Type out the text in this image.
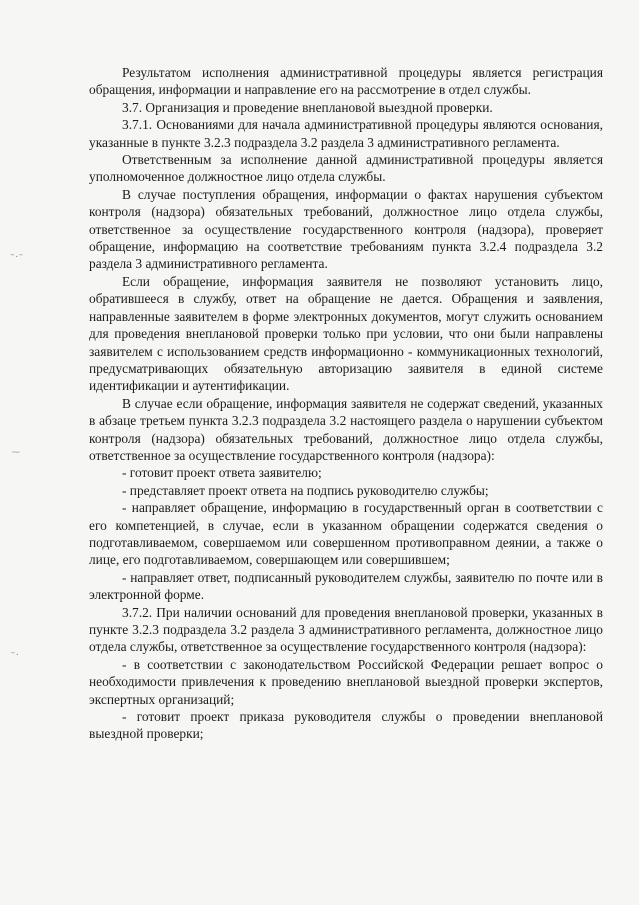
-.-
~
-.

Результатом исполнения административной процедуры является регистрация обращения, информации и направление его на рассмотрение в отдел службы.

3.7. Организация и проведение внеплановой выездной проверки.

3.7.1. Основаниями для начала административной процедуры являются основания, указанные в пункте 3.2.3 подраздела 3.2 раздела 3 административного регламента.

Ответственным за исполнение данной административной процедуры является уполномоченное должностное лицо отдела службы.

В случае поступления обращения, информации о фактах нарушения субъектом контроля (надзора) обязательных требований, должностное лицо отдела службы, ответственное за осуществление государственного контроля (надзора), проверяет обращение, информацию на соответствие требованиям пункта 3.2.4 подраздела 3.2 раздела 3 административного регламента.

Если обращение, информация заявителя не позволяют установить лицо, обратившееся в службу, ответ на обращение не дается. Обращения и заявления, направленные заявителем в форме электронных документов, могут служить основанием для проведения внеплановой проверки только при условии, что они были направлены заявителем с использованием средств информационно - коммуникационных технологий, предусматривающих обязательную авторизацию заявителя в единой системе идентификации и аутентификации.

В случае если обращение, информация заявителя не содержат сведений, указанных в абзаце третьем пункта 3.2.3 подраздела 3.2 настоящего раздела о нарушении субъектом контроля (надзора) обязательных требований, должностное лицо отдела службы, ответственное за осуществление государственного контроля (надзора):

- готовит проект ответа заявителю;

- представляет проект ответа на подпись руководителю службы;

- направляет обращение, информацию в государственный орган в соответствии с его компетенцией, в случае, если в указанном обращении содержатся сведения о подготавливаемом, совершаемом или совершенном противоправном деянии, а также о лице, его подготавливаемом, совершающем или совершившем;

- направляет ответ, подписанный руководителем службы, заявителю по почте или в электронной форме.

3.7.2. При наличии оснований для проведения внеплановой проверки, указанных в пункте 3.2.3 подраздела 3.2 раздела 3 административного регламента, должностное лицо отдела службы, ответственное за осуществление государственного контроля (надзора):

- в соответствии с законодательством Российской Федерации решает вопрос о необходимости привлечения к проведению внеплановой выездной проверки экспертов, экспертных организаций;

- готовит проект приказа руководителя службы о проведении внеплановой выездной проверки;
